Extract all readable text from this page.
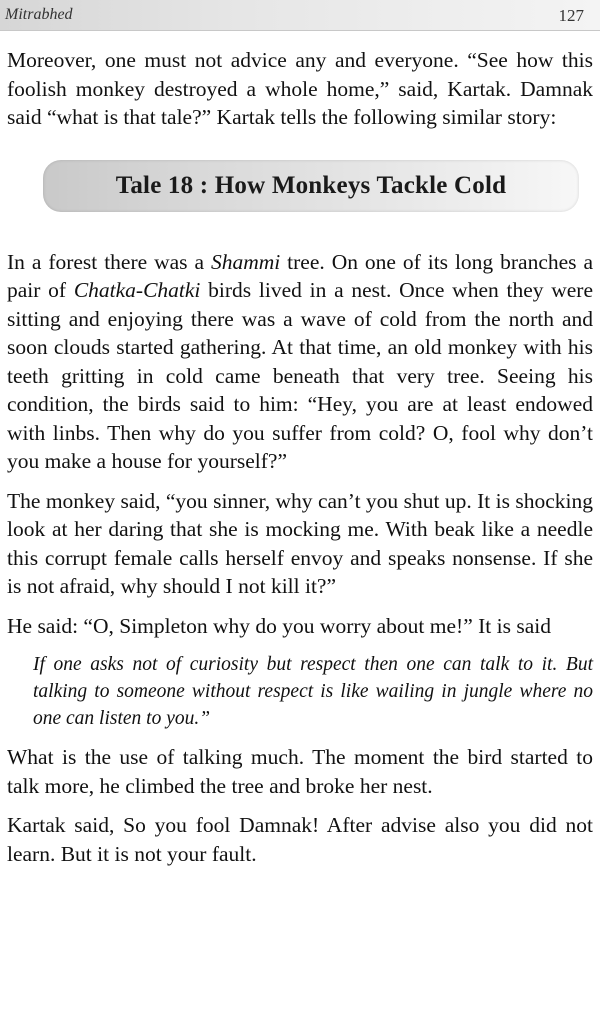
Mitrabhed	127

Moreover, one must not advice any and everyone. “See how this foolish monkey destroyed a whole home,” said, Kartak. Damnak said “what is that tale?” Kartak tells the following similar story:

Tale 18 : How Monkeys Tackle Cold

In a forest there was a Shammi tree. On one of its long branches a pair of Chatka-Chatki birds lived in a nest. Once when they were sitting and enjoying there was a wave of cold from the north and soon clouds started gathering. At that time, an old monkey with his teeth gritting in cold came beneath that very tree. Seeing his condition, the birds said to him: “Hey, you are at least endowed with linbs. Then why do you suffer from cold? O, fool why don’t you make a house for yourself?”

The monkey said, “you sinner, why can’t you shut up. It is shocking look at her daring that she is mocking me. With beak like a needle this corrupt female calls herself envoy and speaks nonsense. If she is not afraid, why should I not kill it?”

He said: “O, Simpleton why do you worry about me!” It is said

If one asks not of curiosity but respect then one can talk to it. But talking to someone without respect is like wailing in jungle where no one can listen to you.”

What is the use of talking much. The moment the bird started to talk more, he climbed the tree and broke her nest.

Kartak said, So you fool Damnak! After advise also you did not learn. But it is not your fault.
